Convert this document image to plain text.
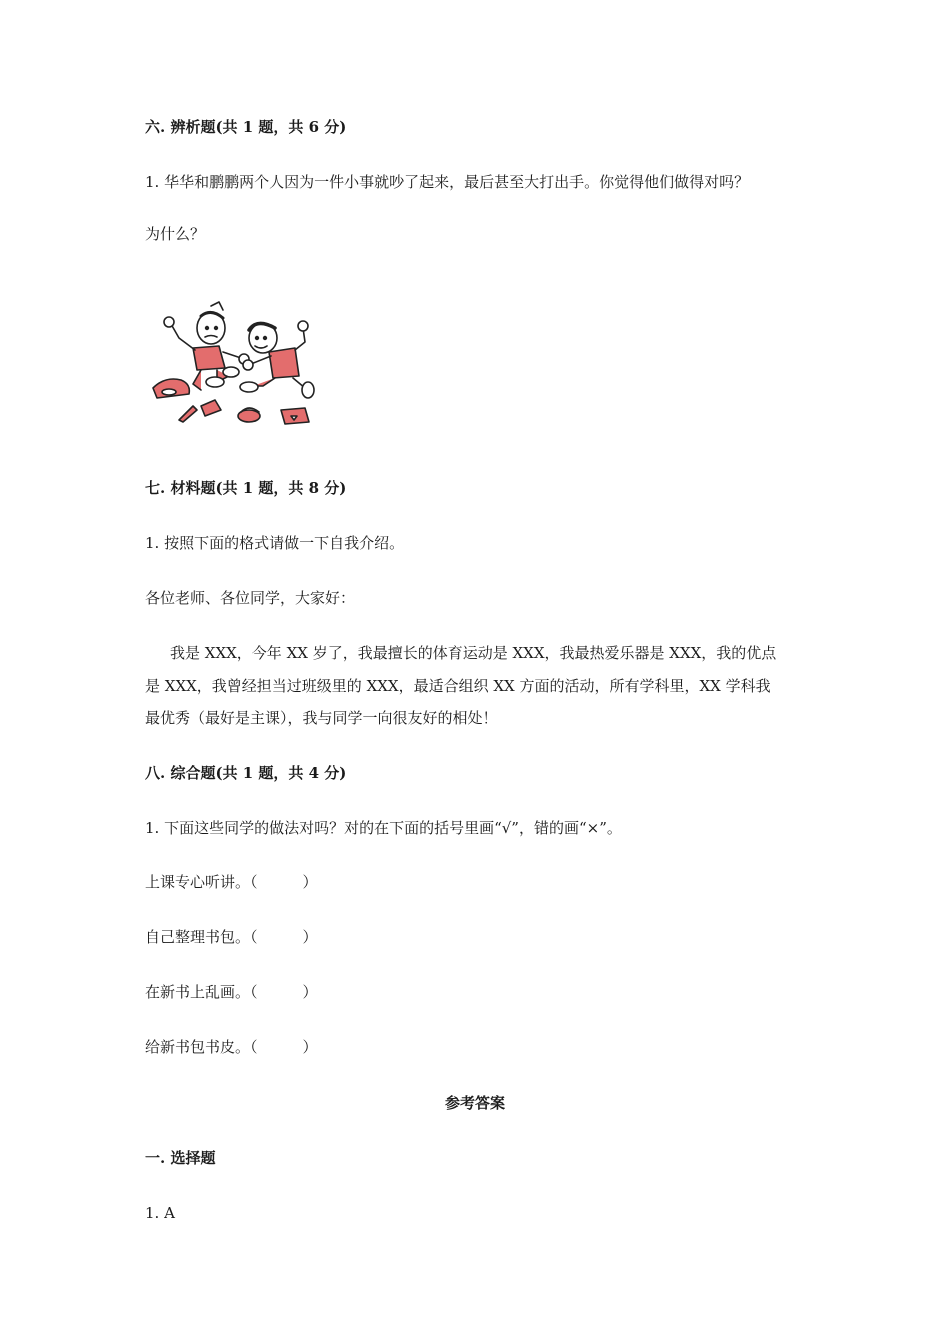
六. 辨析题(共 1 题，共 6 分)
1. 华华和鹏鹏两个人因为一件小事就吵了起来，最后甚至大打出手。你觉得他们做得对吗？
为什么？
七. 材料题(共 1 题，共 8 分)
1. 按照下面的格式请做一下自我介绍。
各位老师、各位同学，大家好：
我是 XXX，今年 XX 岁了，我最擅长的体育运动是 XXX，我最热爱乐器是 XXX，我的优点
是 XXX，我曾经担当过班级里的 XXX，最适合组织 XX 方面的活动，所有学科里，XX 学科我
最优秀（最好是主课），我与同学一向很友好的相处！
八. 综合题(共 1 题，共 4 分)
1. 下面这些同学的做法对吗？对的在下面的括号里画“√”，错的画“×”。
上课专心听讲。（　　　）
自己整理书包。（　　　）
在新书上乱画。（　　　）
给新书包书皮。（　　　）
参考答案
一. 选择题
1. A
